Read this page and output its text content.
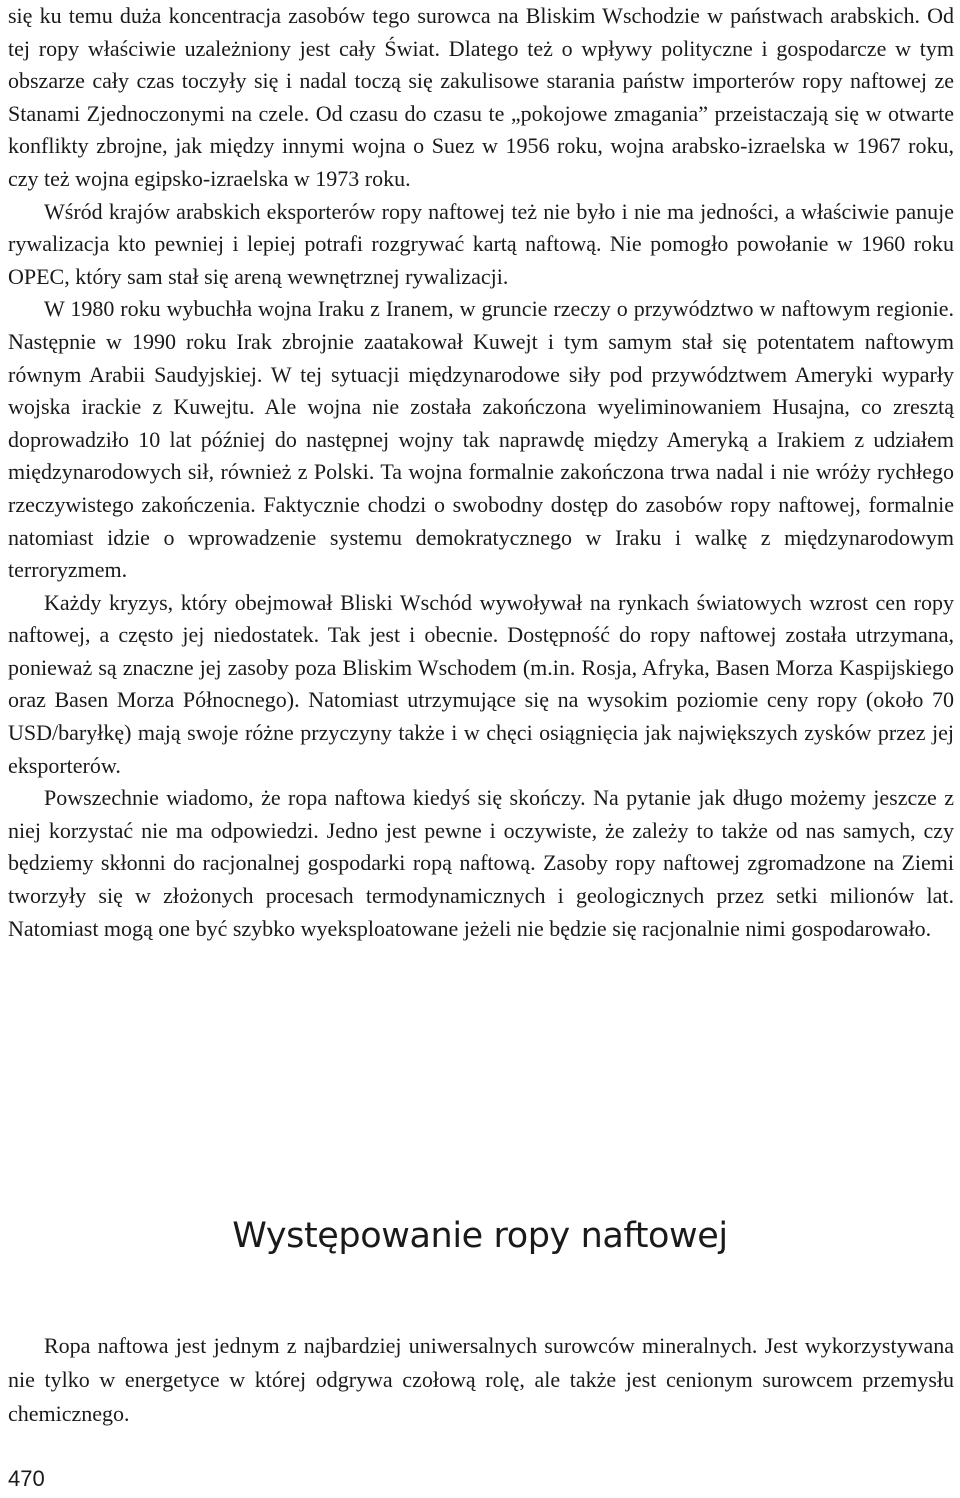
się ku temu duża koncentracja zasobów tego surowca na Bliskim Wschodzie w państwach arabskich. Od tej ropy właściwie uzależniony jest cały Świat. Dlatego też o wpływy polityczne i gospodarcze w tym obszarze cały czas toczyły się i nadal toczą się zakulisowe starania państw importerów ropy naftowej ze Stanami Zjednoczonymi na czele. Od czasu do czasu te „pokojowe zmagania” przeistaczają się w otwarte konflikty zbrojne, jak między innymi wojna o Suez w 1956 roku, wojna arabsko-izraelska w 1967 roku, czy też wojna egipsko-izraelska w 1973 roku.

Wśród krajów arabskich eksporterów ropy naftowej też nie było i nie ma jedności, a właściwie panuje rywalizacja kto pewniej i lepiej potrafi rozgrywać kartą naftową. Nie pomogło powołanie w 1960 roku OPEC, który sam stał się areną wewnętrznej rywalizacji.

W 1980 roku wybuchła wojna Iraku z Iranem, w gruncie rzeczy o przywództwo w naftowym regionie. Następnie w 1990 roku Irak zbrojnie zaatakował Kuwejt i tym samym stał się potentatem naftowym równym Arabii Saudyjskiej. W tej sytuacji międzynarodowe siły pod przywództwem Ameryki wyparły wojska irackie z Kuwejtu. Ale wojna nie została zakończona wyeliminowaniem Husajna, co zresztą doprowadziło 10 lat później do następnej wojny tak naprawdę między Ameryką a Irakiem z udziałem międzynarodowych sił, również z Polski. Ta wojna formalnie zakończona trwa nadal i nie wróży rychłego rzeczywistego zakończenia. Faktycznie chodzi o swobodny dostęp do zasobów ropy naftowej, formalnie natomiast idzie o wprowadzenie systemu demokratycznego w Iraku i walkę z międzynarodowym terroryzmem.

Każdy kryzys, który obejmował Bliski Wschód wywoływał na rynkach światowych wzrost cen ropy naftowej, a często jej niedostatek. Tak jest i obecnie. Dostępność do ropy naftowej została utrzymana, ponieważ są znaczne jej zasoby poza Bliskim Wschodem (m.in. Rosja, Afryka, Basen Morza Kaspijskiego oraz Basen Morza Północnego). Natomiast utrzymujące się na wysokim poziomie ceny ropy (około 70 USD/baryłkę) mają swoje różne przyczyny także i w chęci osiągnięcia jak największych zysków przez jej eksporterów.

Powszechnie wiadomo, że ropa naftowa kiedyś się skończy. Na pytanie jak długo możemy jeszcze z niej korzystać nie ma odpowiedzi. Jedno jest pewne i oczywiste, że zależy to także od nas samych, czy będziemy skłonni do racjonalnej gospodarki ropą naftową. Zasoby ropy naftowej zgromadzone na Ziemi tworzyły się w złożonych procesach termodynamicznych i geologicznych przez setki milionów lat. Natomiast mogą one być szybko wyeksploatowane jeżeli nie będzie się racjonalnie nimi gospodarowało.

Występowanie ropy naftowej

Ropa naftowa jest jednym z najbardziej uniwersalnych surowców mineralnych. Jest wykorzystywana nie tylko w energetyce w której odgrywa czołową rolę, ale także jest cenionym surowcem przemysłu chemicznego.

470
